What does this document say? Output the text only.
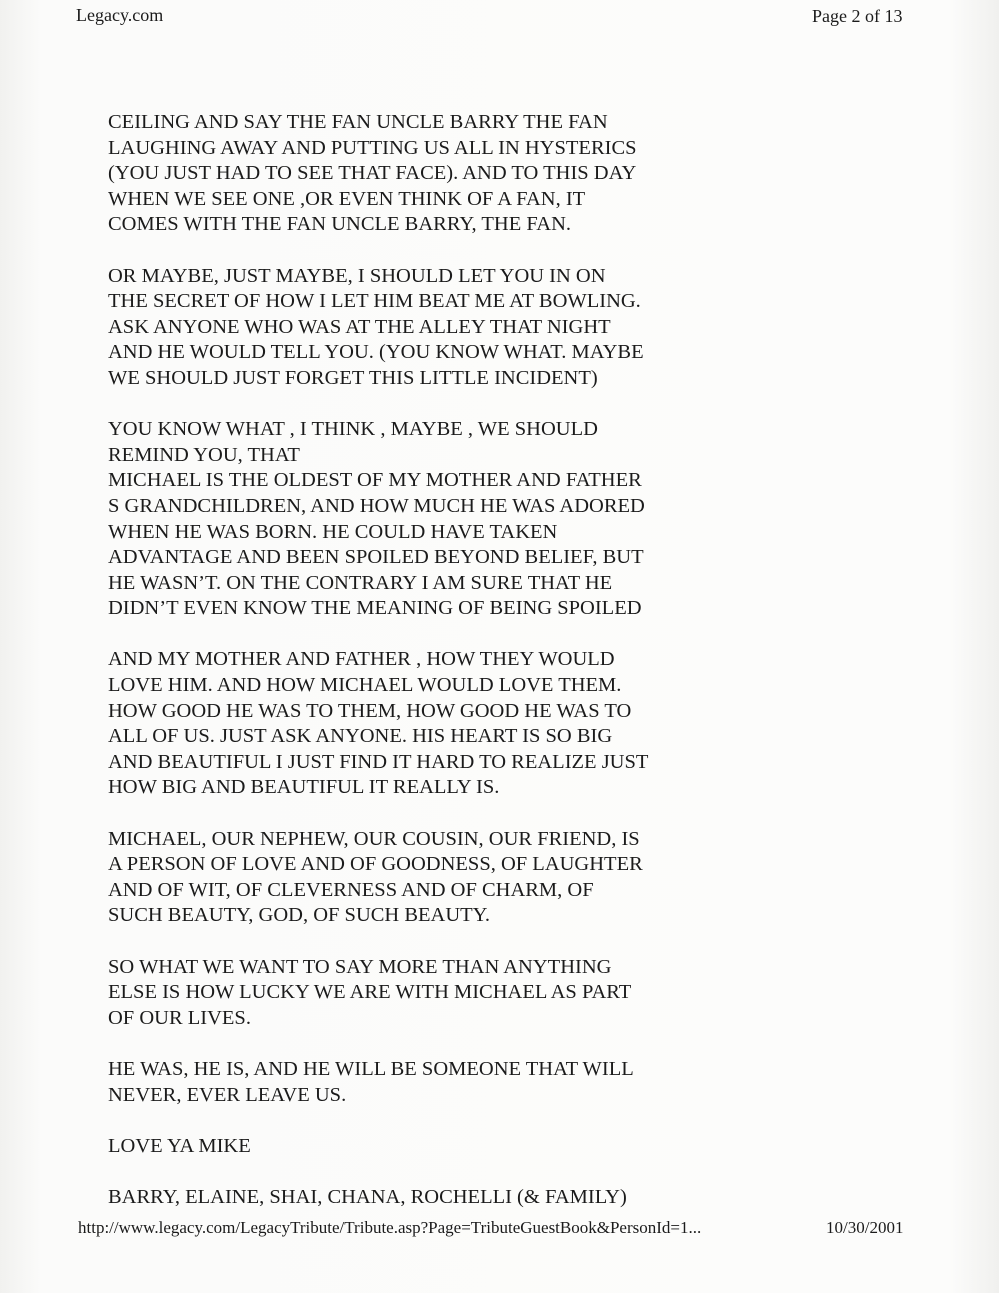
Legacy.com	Page 2 of 13

CEILING AND SAY THE FAN UNCLE BARRY THE FAN
LAUGHING AWAY AND PUTTING US ALL IN HYSTERICS
(YOU JUST HAD TO SEE THAT FACE). AND TO THIS DAY
WHEN WE SEE ONE ,OR EVEN THINK OF A FAN, IT
COMES WITH THE FAN UNCLE BARRY, THE FAN.

OR MAYBE, JUST MAYBE, I SHOULD LET YOU IN ON
THE SECRET OF HOW I LET HIM BEAT ME AT BOWLING.
ASK ANYONE WHO WAS AT THE ALLEY THAT NIGHT
AND HE WOULD TELL YOU. (YOU KNOW WHAT. MAYBE
WE SHOULD JUST FORGET THIS LITTLE INCIDENT)

YOU KNOW WHAT , I THINK , MAYBE , WE SHOULD
REMIND YOU, THAT
MICHAEL IS THE OLDEST OF MY MOTHER AND FATHER
S GRANDCHILDREN, AND HOW MUCH HE WAS ADORED
WHEN HE WAS BORN. HE COULD HAVE TAKEN
ADVANTAGE AND BEEN SPOILED BEYOND BELIEF, BUT
HE WASN’T. ON THE CONTRARY I AM SURE THAT HE
DIDN’T EVEN KNOW THE MEANING OF BEING SPOILED

AND MY MOTHER AND FATHER , HOW THEY WOULD
LOVE HIM. AND HOW MICHAEL WOULD LOVE THEM.
HOW GOOD HE WAS TO THEM, HOW GOOD HE WAS TO
ALL OF US. JUST ASK ANYONE. HIS HEART IS SO BIG
AND BEAUTIFUL I JUST FIND IT HARD TO REALIZE JUST
HOW BIG AND BEAUTIFUL IT REALLY IS.

MICHAEL, OUR NEPHEW, OUR COUSIN, OUR FRIEND, IS
A PERSON OF LOVE AND OF GOODNESS, OF LAUGHTER
AND OF WIT, OF CLEVERNESS AND OF CHARM, OF
SUCH BEAUTY, GOD, OF SUCH BEAUTY.

SO WHAT WE WANT TO SAY MORE THAN ANYTHING
ELSE IS HOW LUCKY WE ARE WITH MICHAEL AS PART
OF OUR LIVES.

HE WAS, HE IS, AND HE WILL BE SOMEONE THAT WILL
NEVER, EVER LEAVE US.

LOVE YA MIKE

BARRY, ELAINE, SHAI, CHANA, ROCHELLI (& FAMILY)

http://www.legacy.com/LegacyTribute/Tribute.asp?Page=TributeGuestBook&PersonId=1...	10/30/2001
